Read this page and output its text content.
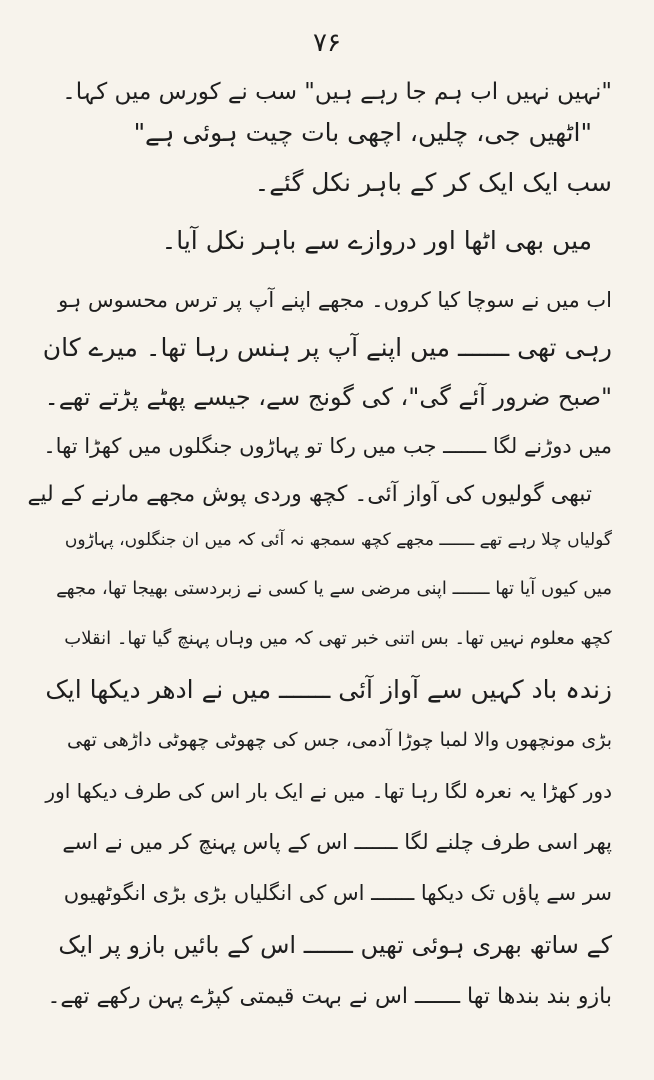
۷۶
"نہیں نہیں اب ہم جا رہے ہیں" سب نے کورس میں کہا۔
"اٹھیں جی، چلیں، اچھی بات چیت ہوئی ہے"
سب ایک ایک کر کے باہر نکل گئے۔
میں بھی اٹھا اور دروازے سے باہر نکل آیا۔
اب میں نے سوچا کیا کروں۔ مجھے اپنے آپ پر ترس محسوس ہو
رہی تھی ـــــــ میں اپنے آپ پر ہنس رہا تھا۔ میرے کان
"صبح ضرور آئے گی"، کی گونج سے، جیسے پھٹے پڑتے تھے۔
میں دوڑنے لگا ـــــــ جب میں رکا تو پہاڑوں جنگلوں میں کھڑا تھا۔
تبھی گولیوں کی آواز آئی۔ کچھ وردی پوش مجھے مارنے کے لیے
گولیاں چلا رہے تھے ـــــــ مجھے کچھ سمجھ نہ آئی کہ میں ان جنگلوں، پہاڑوں
میں کیوں آیا تھا ـــــــ اپنی مرضی سے یا کسی نے زبردستی بھیجا تھا، مجھے
کچھ معلوم نہیں تھا۔ بس اتنی خبر تھی کہ میں وہاں پہنچ گیا تھا۔ انقلاب
زندہ باد کہیں سے آواز آئی ـــــــ میں نے ادھر دیکھا ایک
بڑی مونچھوں والا لمبا چوڑا آدمی، جس کی چھوٹی چھوٹی داڑھی تھی
دور کھڑا یہ نعرہ لگا رہا تھا۔ میں نے ایک بار اس کی طرف دیکھا اور
پھر اسی طرف چلنے لگا ـــــــ اس کے پاس پہنچ کر میں نے اسے
سر سے پاؤں تک دیکھا ـــــــ اس کی انگلیاں بڑی بڑی انگوٹھیوں
کے ساتھ بھری ہوئی تھیں ـــــــ اس کے بائیں بازو پر ایک
بازو بند بندھا تھا ـــــــ اس نے بہت قیمتی کپڑے پہن رکھے تھے۔
